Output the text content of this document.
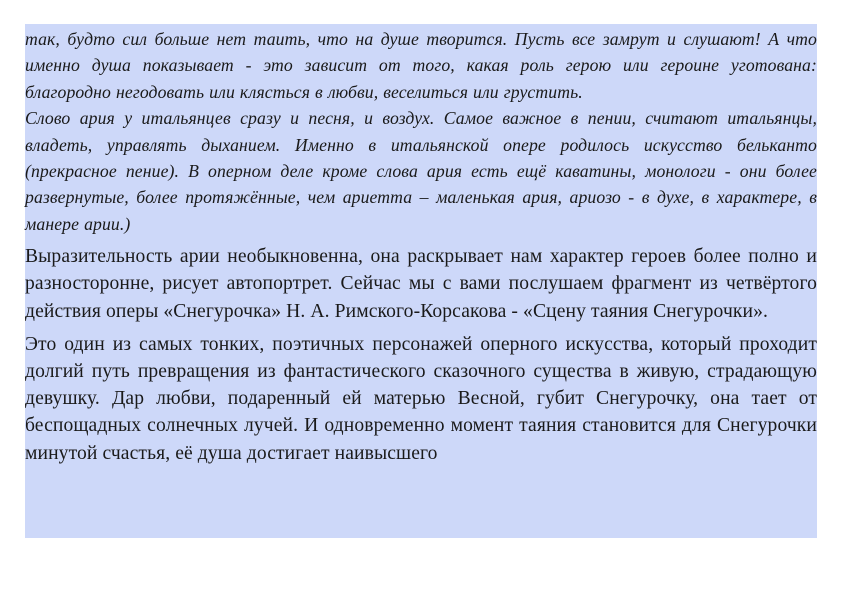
так, будто сил больше нет таить, что на душе творится. Пусть все замрут и слушают! А что именно душа показывает - это зависит от того, какая роль герою или героине уготована: благородно негодовать или клясться в любви, веселиться или грустить.

Слово ария у итальянцев сразу и песня, и воздух. Самое важное в пении, считают итальянцы, владеть, управлять дыханием. Именно в итальянской опере родилось искусство бельканто (прекрасное пение). В оперном деле кроме слова ария есть ещё каватины, монологи - они более развернутые, более протяжённые, чем ариетта – маленькая ария, ариозо - в духе, в характере, в манере арии.)

Выразительность арии необыкновенна, она раскрывает нам характер героев более полно и разносторонне, рисует автопортрет. Сейчас мы с вами послушаем фрагмент из четвёртого действия оперы «Снегурочка» Н. А. Римского-Корсакова - «Сцену таяния Снегурочки».

Это один из самых тонких, поэтичных персонажей оперного искусства, который проходит долгий путь превращения из фантастического сказочного существа в живую, страдающую девушку. Дар любви, подаренный ей матерью Весной, губит Снегурочку, она тает от беспощадных солнечных лучей. И одновременно момент таяния становится для Снегурочки минутой счастья, её душа достигает наивысшего
